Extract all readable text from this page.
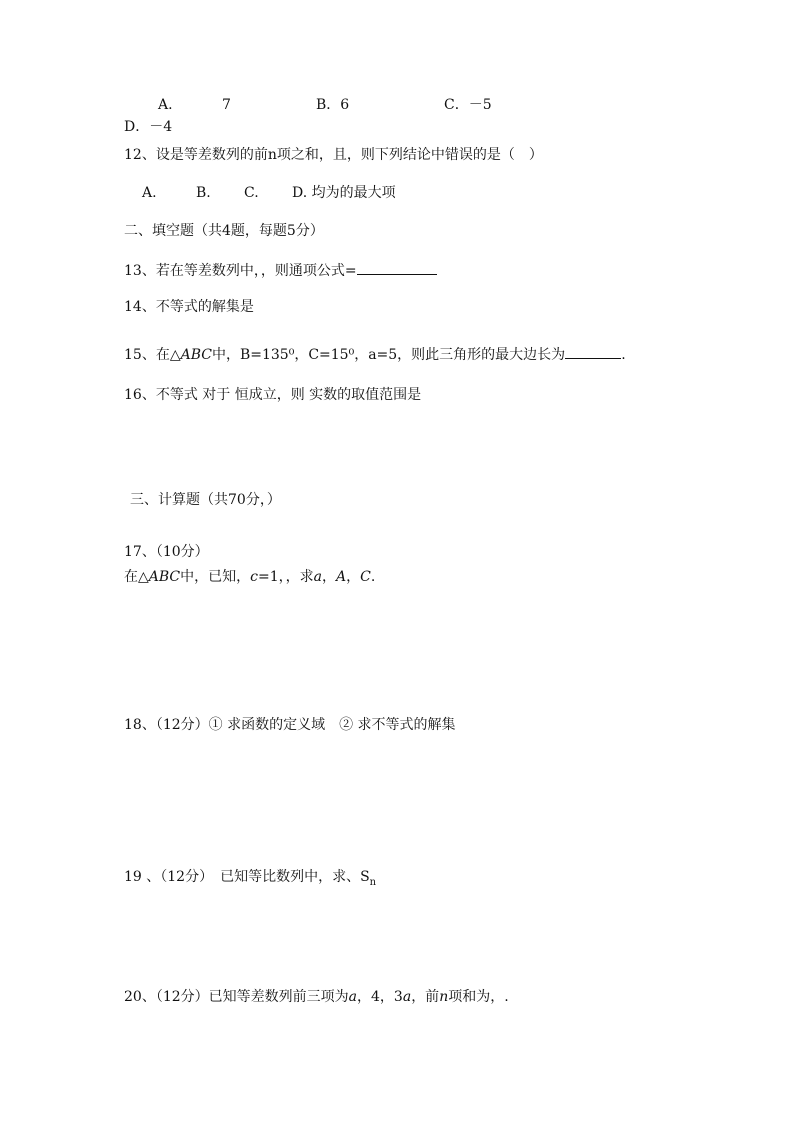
A.	7	B．6	C．－5
D．－4
12、设是等差数列的前n项之和，且，则下列结论中错误的是（　）
A.	B. C. D. 均为的最大项
二、填空题（共4题，每题5分）
13、若在等差数列中，，则通项公式=
14、不等式的解集是
15、在△ABC中，B=135⁰，C=15⁰，a=5，则此三角形的最大边长为	.
16、不等式 对于 恒成立，则 实数的取值范围是
三、计算题（共70分，）
17、（10分）
在△ABC中，已知，c=1，，求a，A，C.
18、（12分）① 求函数的定义域　② 求不等式的解集
19 、（12分）　已知等比数列中，求、$S_n$
20、（12分）已知等差数列前三项为a，4，3a，前n项和为，.
